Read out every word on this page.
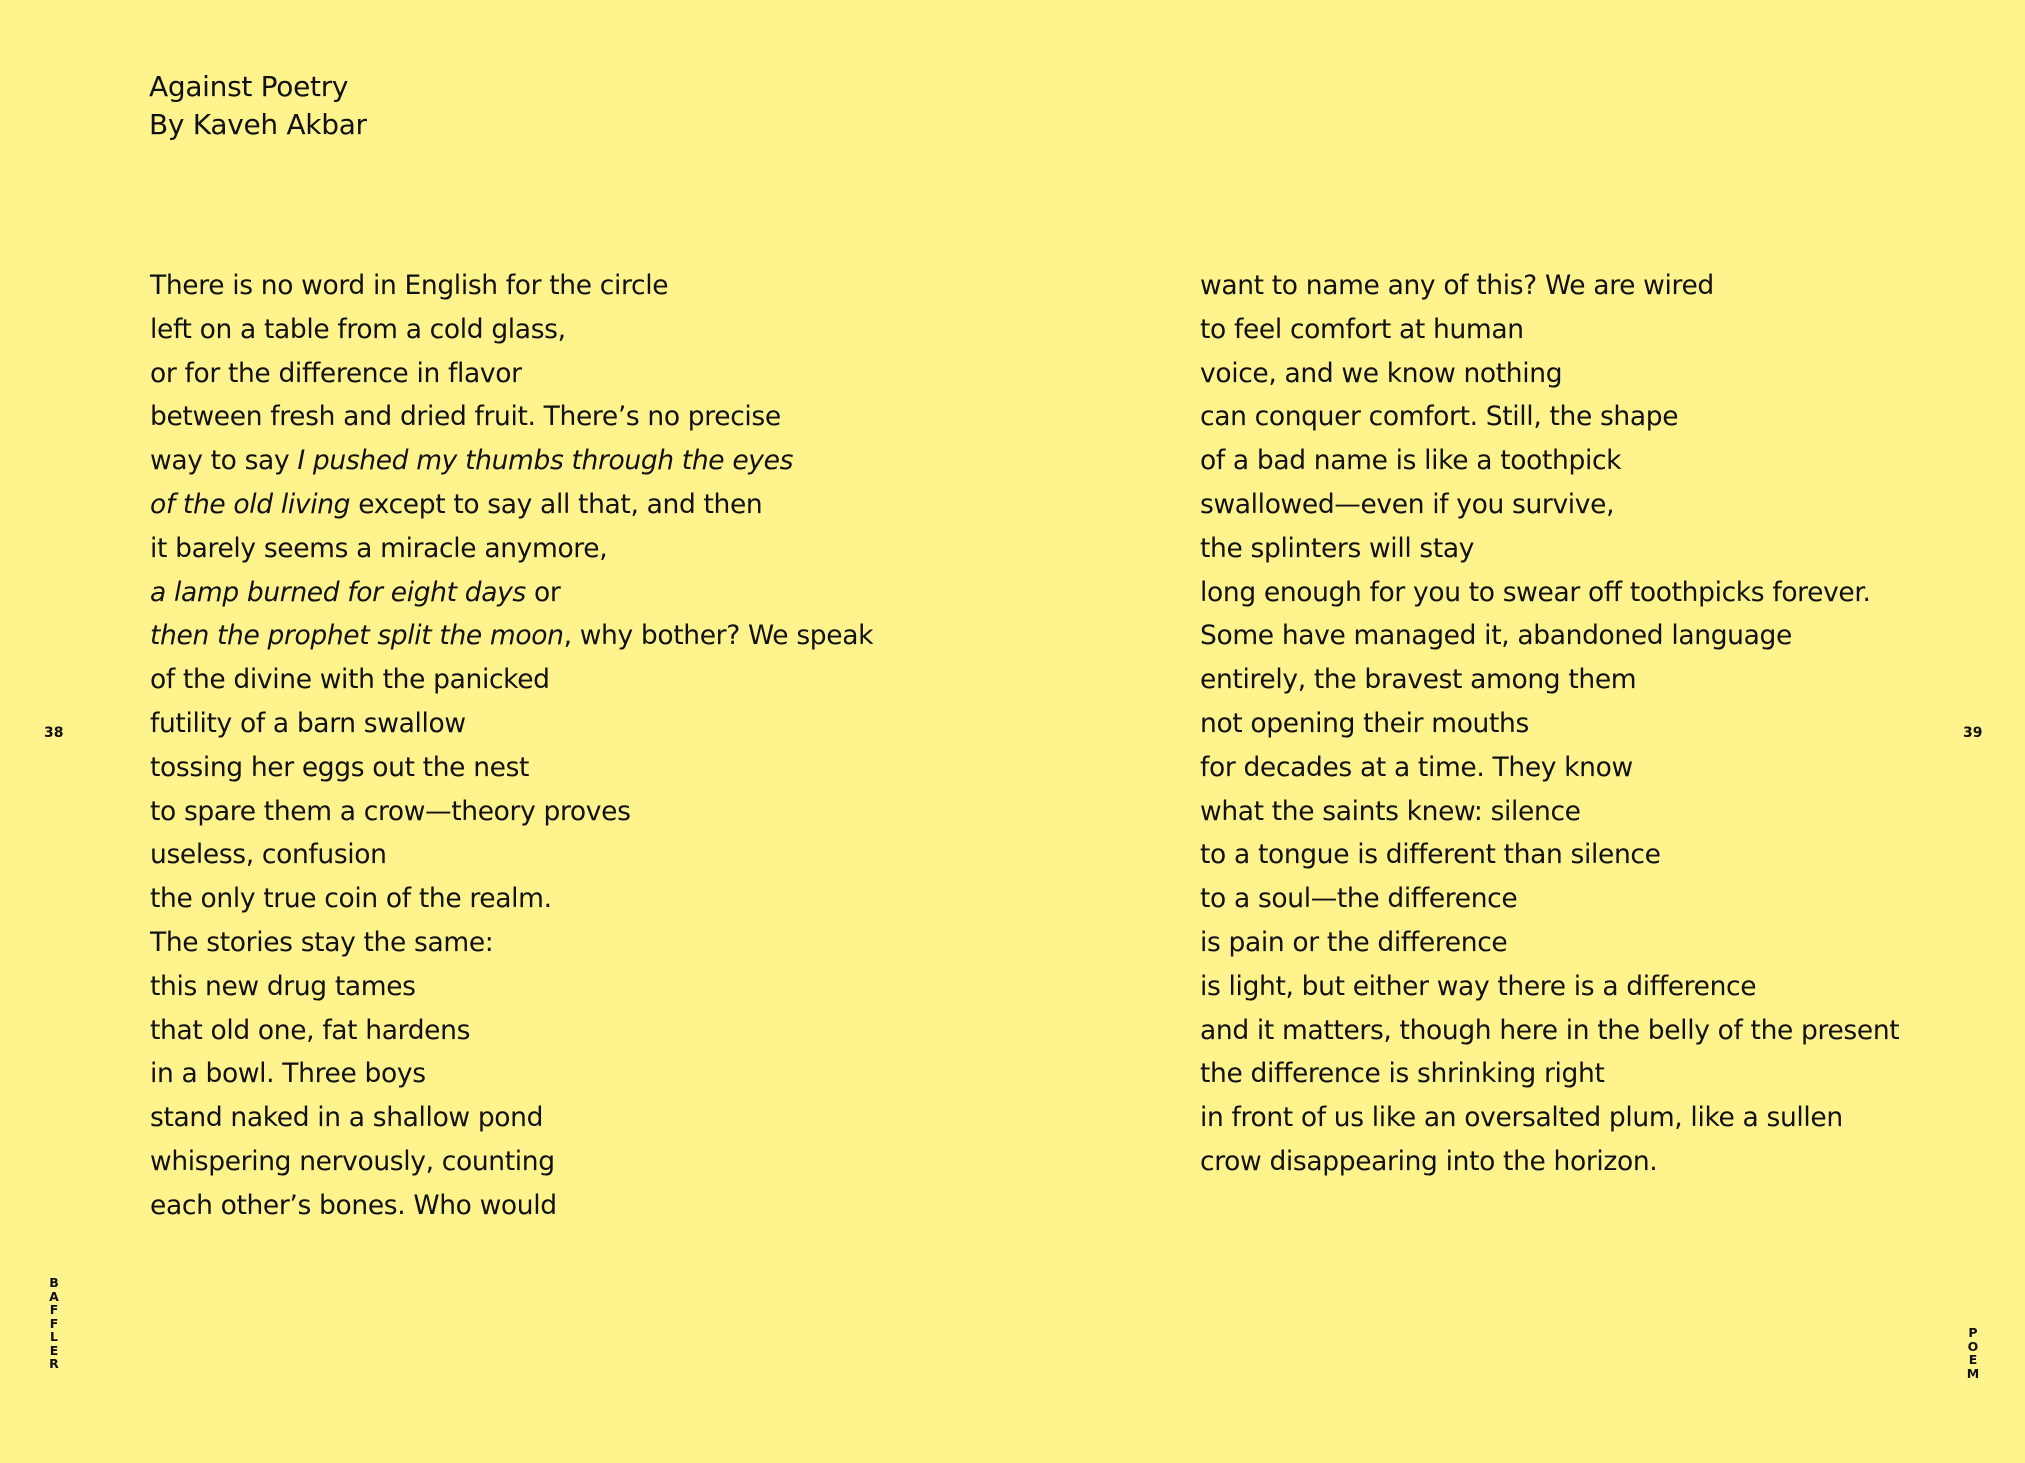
Against Poetry
By Kaveh Akbar
There is no word in English for the circle
left on a table from a cold glass,
or for the difference in flavor
between fresh and dried fruit. There’s no precise
way to say I pushed my thumbs through the eyes
of the old living except to say all that, and then
it barely seems a miracle anymore,
a lamp burned for eight days or
then the prophet split the moon, why bother? We speak
of the divine with the panicked
futility of a barn swallow
tossing her eggs out the nest
to spare them a crow—theory proves
useless, confusion
the only true coin of the realm.
The stories stay the same:
this new drug tames
that old one, fat hardens
in a bowl. Three boys
stand naked in a shallow pond
whispering nervously, counting
each other’s bones. Who would
want to name any of this? We are wired
to feel comfort at human
voice, and we know nothing
can conquer comfort. Still, the shape
of a bad name is like a toothpick
swallowed—even if you survive,
the splinters will stay
long enough for you to swear off toothpicks forever.
Some have managed it, abandoned language
entirely, the bravest among them
not opening their mouths
for decades at a time. They know
what the saints knew: silence
to a tongue is different than silence
to a soul—the difference
is pain or the difference
is light, but either way there is a difference
and it matters, though here in the belly of the present
the difference is shrinking right
in front of us like an oversalted plum, like a sullen
crow disappearing into the horizon.
38	39
B
A
F
F
L
E
R
P
O
E
M
